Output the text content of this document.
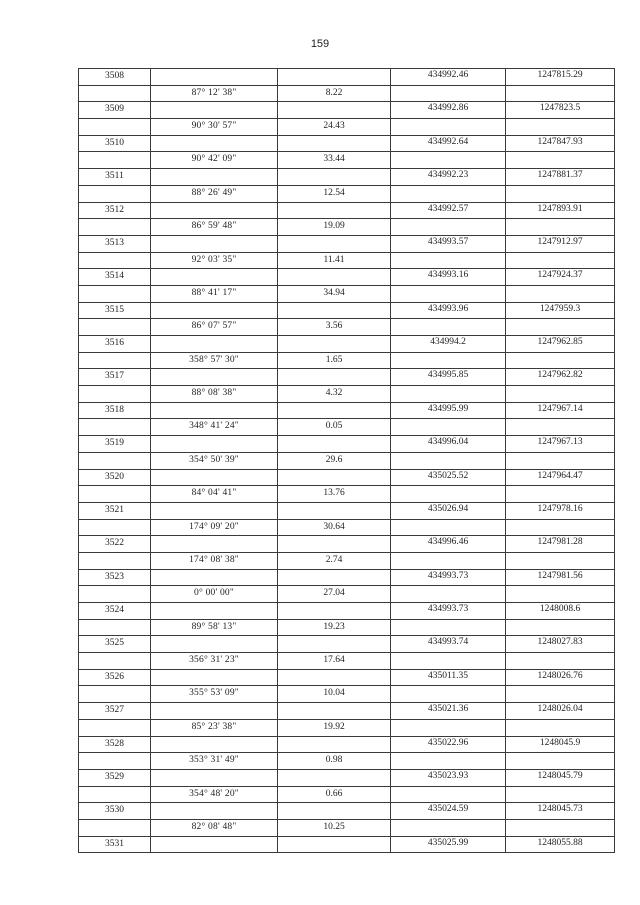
159
3508	434992.46	1247815.29
87° 12' 38"	8.22
3509	434992.86	1247823.5
90° 30' 57"	24.43
3510	434992.64	1247847.93
90° 42' 09"	33.44
3511	434992.23	1247881.37
88° 26' 49"	12.54
3512	434992.57	1247893.91
86° 59' 48"	19.09
3513	434993.57	1247912.97
92° 03' 35"	11.41
3514	434993.16	1247924.37
88° 41' 17"	34.94
3515	434993.96	1247959.3
86° 07' 57"	3.56
3516	434994.2	1247962.85
358° 57' 30"	1.65
3517	434995.85	1247962.82
88° 08' 38"	4.32
3518	434995.99	1247967.14
348° 41' 24"	0.05
3519	434996.04	1247967.13
354° 50' 39"	29.6
3520	435025.52	1247964.47
84° 04' 41"	13.76
3521	435026.94	1247978.16
174° 09' 20"	30.64
3522	434996.46	1247981.28
174° 08' 38"	2.74
3523	434993.73	1247981.56
0° 00' 00"	27.04
3524	434993.73	1248008.6
89° 58' 13"	19.23
3525	434993.74	1248027.83
356° 31' 23"	17.64
3526	435011.35	1248026.76
355° 53' 09"	10.04
3527	435021.36	1248026.04
85° 23' 38"	19.92
3528	435022.96	1248045.9
353° 31' 49"	0.98
3529	435023.93	1248045.79
354° 48' 20"	0.66
3530	435024.59	1248045.73
82° 08' 48"	10.25
3531	435025.99	1248055.88
